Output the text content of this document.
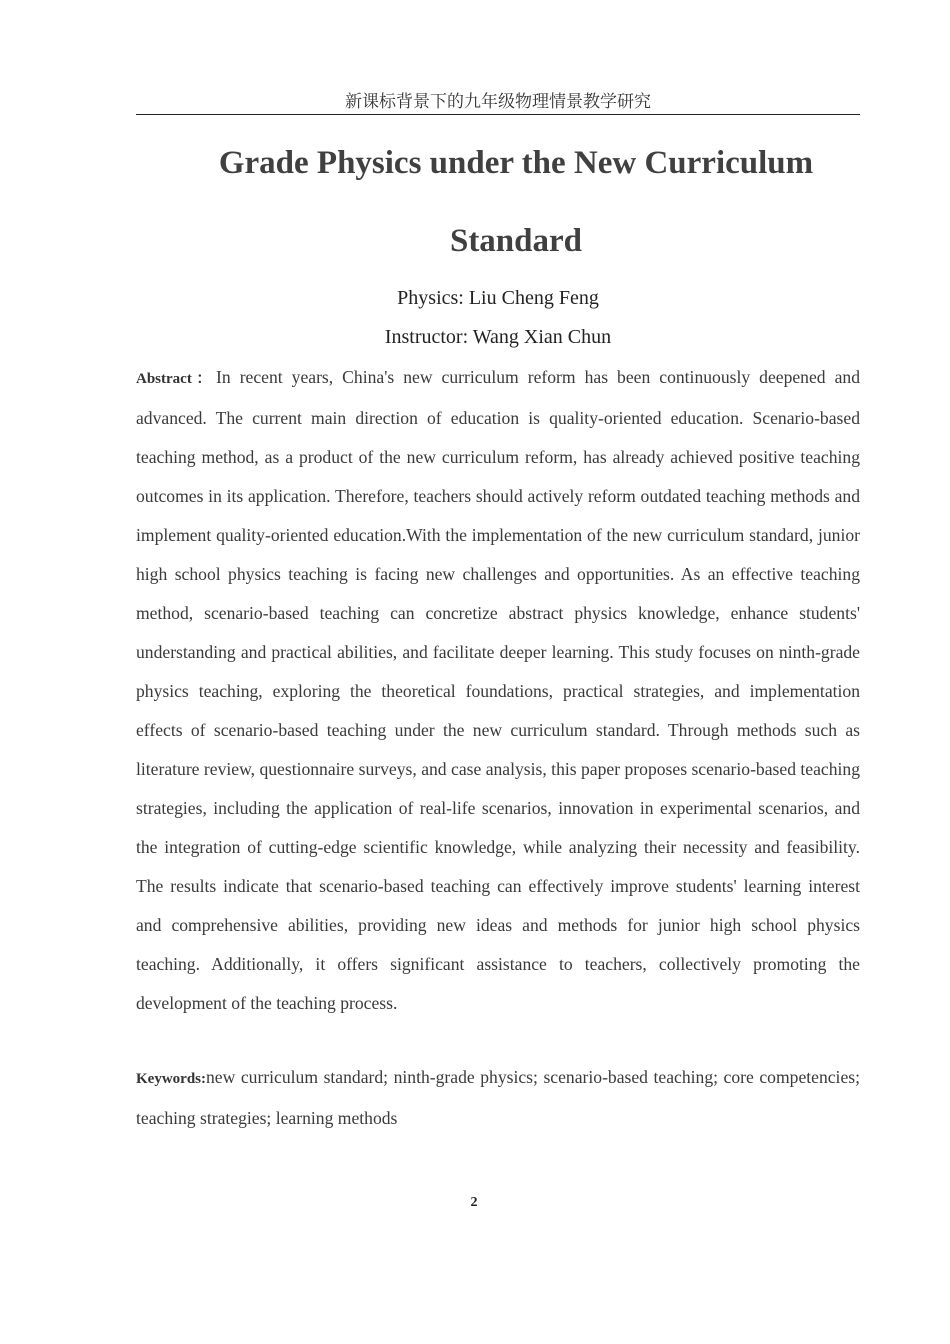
新课标背景下的九年级物理情景教学研究
Grade Physics under the New Curriculum
Standard
Physics: Liu Cheng Feng
Instructor: Wang Xian Chun

Abstract：In recent years, China's new curriculum reform has been continuously deepened and advanced. The current main direction of education is quality-oriented education. Scenario-based teaching method, as a product of the new curriculum reform, has already achieved positive teaching outcomes in its application. Therefore, teachers should actively reform outdated teaching methods and implement quality-oriented education.With the implementation of the new curriculum standard, junior high school physics teaching is facing new challenges and opportunities. As an effective teaching method, scenario-based teaching can concretize abstract physics knowledge, enhance students' understanding and practical abilities, and facilitate deeper learning. This study focuses on ninth-grade physics teaching, exploring the theoretical foundations, practical strategies, and implementation effects of scenario-based teaching under the new curriculum standard. Through methods such as literature review, questionnaire surveys, and case analysis, this paper proposes scenario-based teaching strategies, including the application of real-life scenarios, innovation in experimental scenarios, and the integration of cutting-edge scientific knowledge, while analyzing their necessity and feasibility. The results indicate that scenario-based teaching can effectively improve students' learning interest and comprehensive abilities, providing new ideas and methods for junior high school physics teaching. Additionally, it offers significant assistance to teachers, collectively promoting the development of the teaching process.

Keywords:new curriculum standard; ninth-grade physics; scenario-based teaching; core competencies; teaching strategies; learning methods

2
